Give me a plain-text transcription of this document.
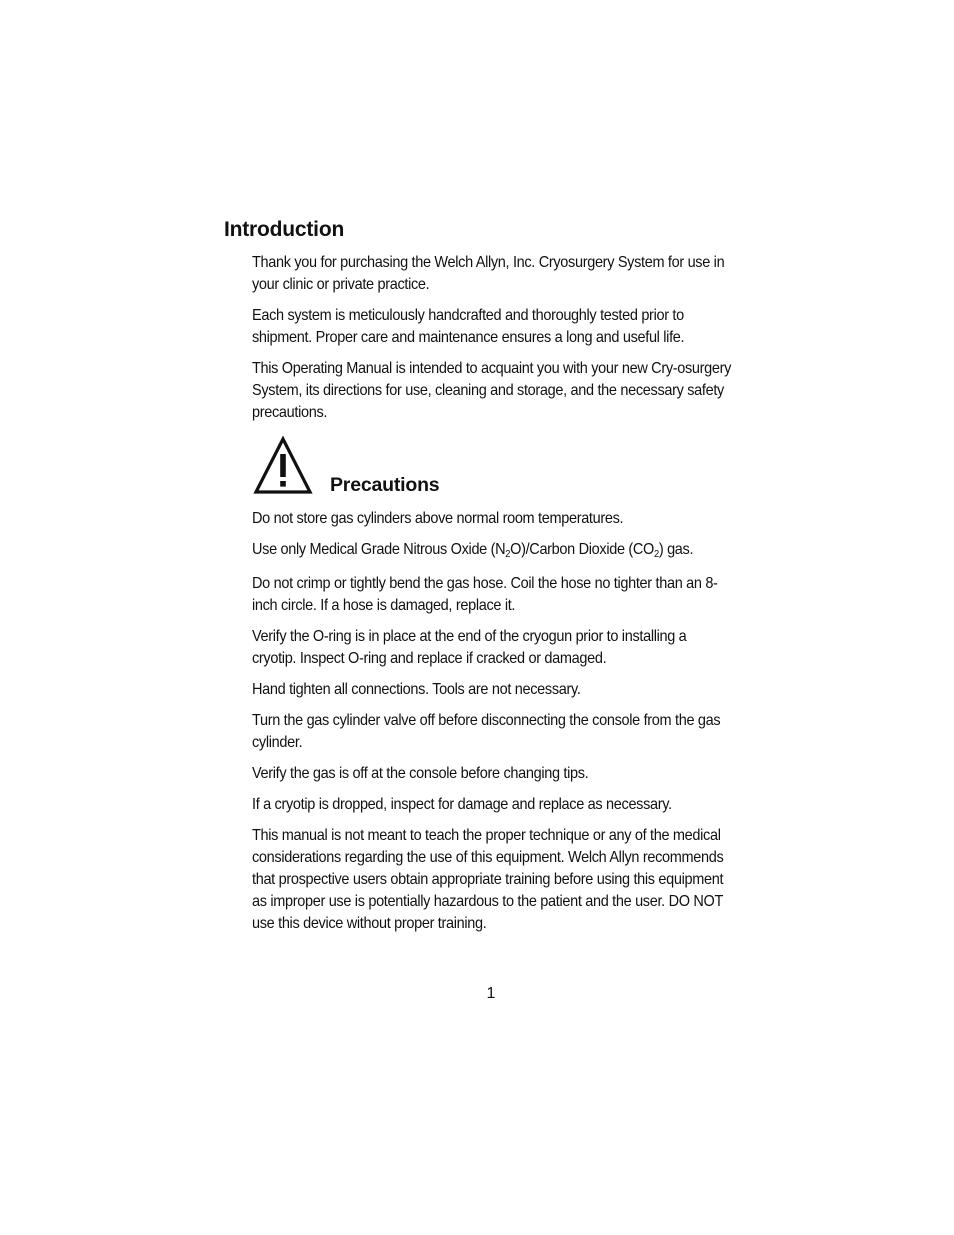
Introduction

Thank you for purchasing the Welch Allyn, Inc. Cryosurgery System for use in your clinic or private practice.

Each system is meticulously handcrafted and thoroughly tested prior to shipment. Proper care and maintenance ensures a long and useful life.

This Operating Manual is intended to acquaint you with your new Cry-osurgery System, its directions for use, cleaning and storage, and the necessary safety precautions.

Precautions

Do not store gas cylinders above normal room temperatures.

Use only Medical Grade Nitrous Oxide $(N_2O)$/Carbon Dioxide $(CO_2)$ gas.

Do not crimp or tightly bend the gas hose. Coil the hose no tighter than an 8-inch circle. If a hose is damaged, replace it.

Verify the O-ring is in place at the end of the cryogun prior to installing a cryotip. Inspect O-ring and replace if cracked or damaged.

Hand tighten all connections. Tools are not necessary.

Turn the gas cylinder valve off before disconnecting the console from the gas cylinder.

Verify the gas is off at the console before changing tips.

If a cryotip is dropped, inspect for damage and replace as necessary.

This manual is not meant to teach the proper technique or any of the medical considerations regarding the use of this equipment. Welch Allyn recommends that prospective users obtain appropriate training before using this equipment as improper use is potentially hazardous to the patient and the user. DO NOT use this device without proper training.

1
